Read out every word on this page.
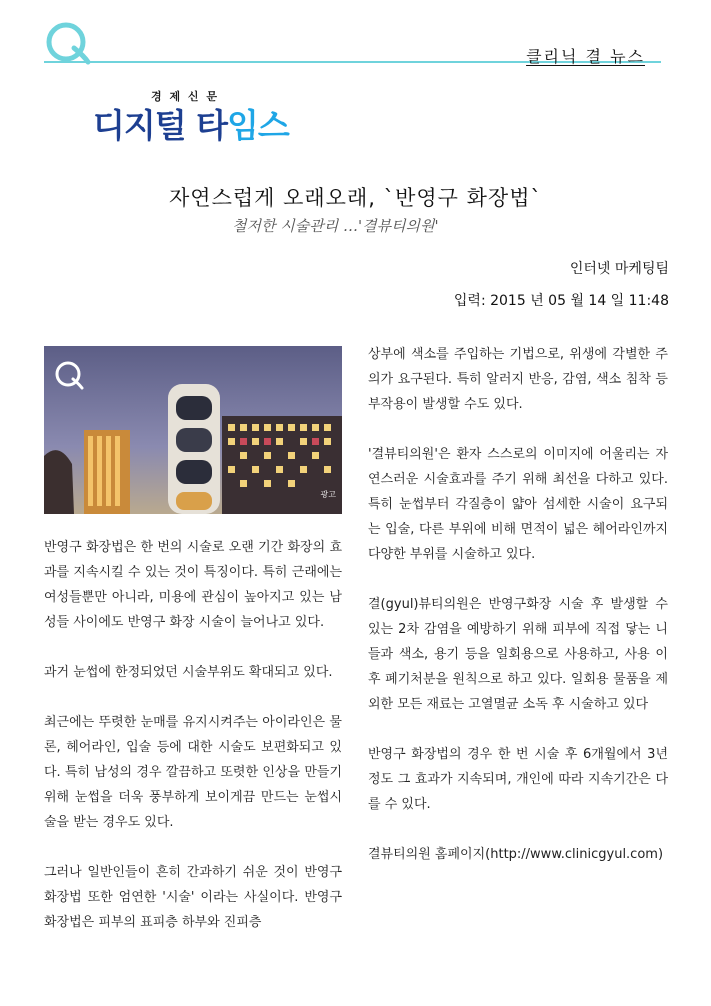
클리닉 결 뉴스
경 제 신 문
디지털 타임스
자연스럽게 오래오래, `반영구 화장법`
철저한 시술관리 …'결뷰티의원'
인터넷 마케팅팀
입력: 2015 년 05 월 14 일 11:48
광고

반영구 화장법은 한 번의 시술로 오랜 기간 화장의 효과를 지속시킬 수 있는 것이 특징이다. 특히 근래에는 여성들뿐만 아니라, 미용에 관심이 높아지고 있는 남성들 사이에도 반영구 화장 시술이 늘어나고 있다.

과거 눈썹에 한정되었던 시술부위도 확대되고 있다.

최근에는 뚜렷한 눈매를 유지시켜주는 아이라인은 물론, 헤어라인, 입술 등에 대한 시술도 보편화되고 있다. 특히 남성의 경우 깔끔하고 또렷한 인상을 만들기 위해 눈썹을 더욱 풍부하게 보이게끔 만드는 눈썹시술을 받는 경우도 있다.

그러나 일반인들이 흔히 간과하기 쉬운 것이 반영구 화장법 또한 엄연한 '시술' 이라는 사실이다. 반영구 화장법은 피부의 표피층 하부와 진피층

상부에 색소를 주입하는 기법으로, 위생에 각별한 주의가 요구된다. 특히 알러지 반응, 감염, 색소 침착 등 부작용이 발생할 수도 있다.

'결뷰티의원'은 환자 스스로의 이미지에 어울리는 자연스러운 시술효과를 주기 위해 최선을 다하고 있다. 특히 눈썹부터 각질층이 얇아 섬세한 시술이 요구되는 입술, 다른 부위에 비해 면적이 넓은 헤어라인까지 다양한 부위를 시술하고 있다.

결(gyul)뷰티의원은 반영구화장 시술 후 발생할 수 있는 2차 감염을 예방하기 위해 피부에 직접 닿는 니들과 색소, 용기 등을 일회용으로 사용하고, 사용 이후 폐기처분을 원칙으로 하고 있다. 일회용 물품을 제외한 모든 재료는 고열멸균 소독 후 시술하고 있다

반영구 화장법의 경우 한 번 시술 후 6개월에서 3년 정도 그 효과가 지속되며, 개인에 따라 지속기간은 다를 수 있다.

결뷰티의원 홈페이지(http://www.clinicgyul.com)
